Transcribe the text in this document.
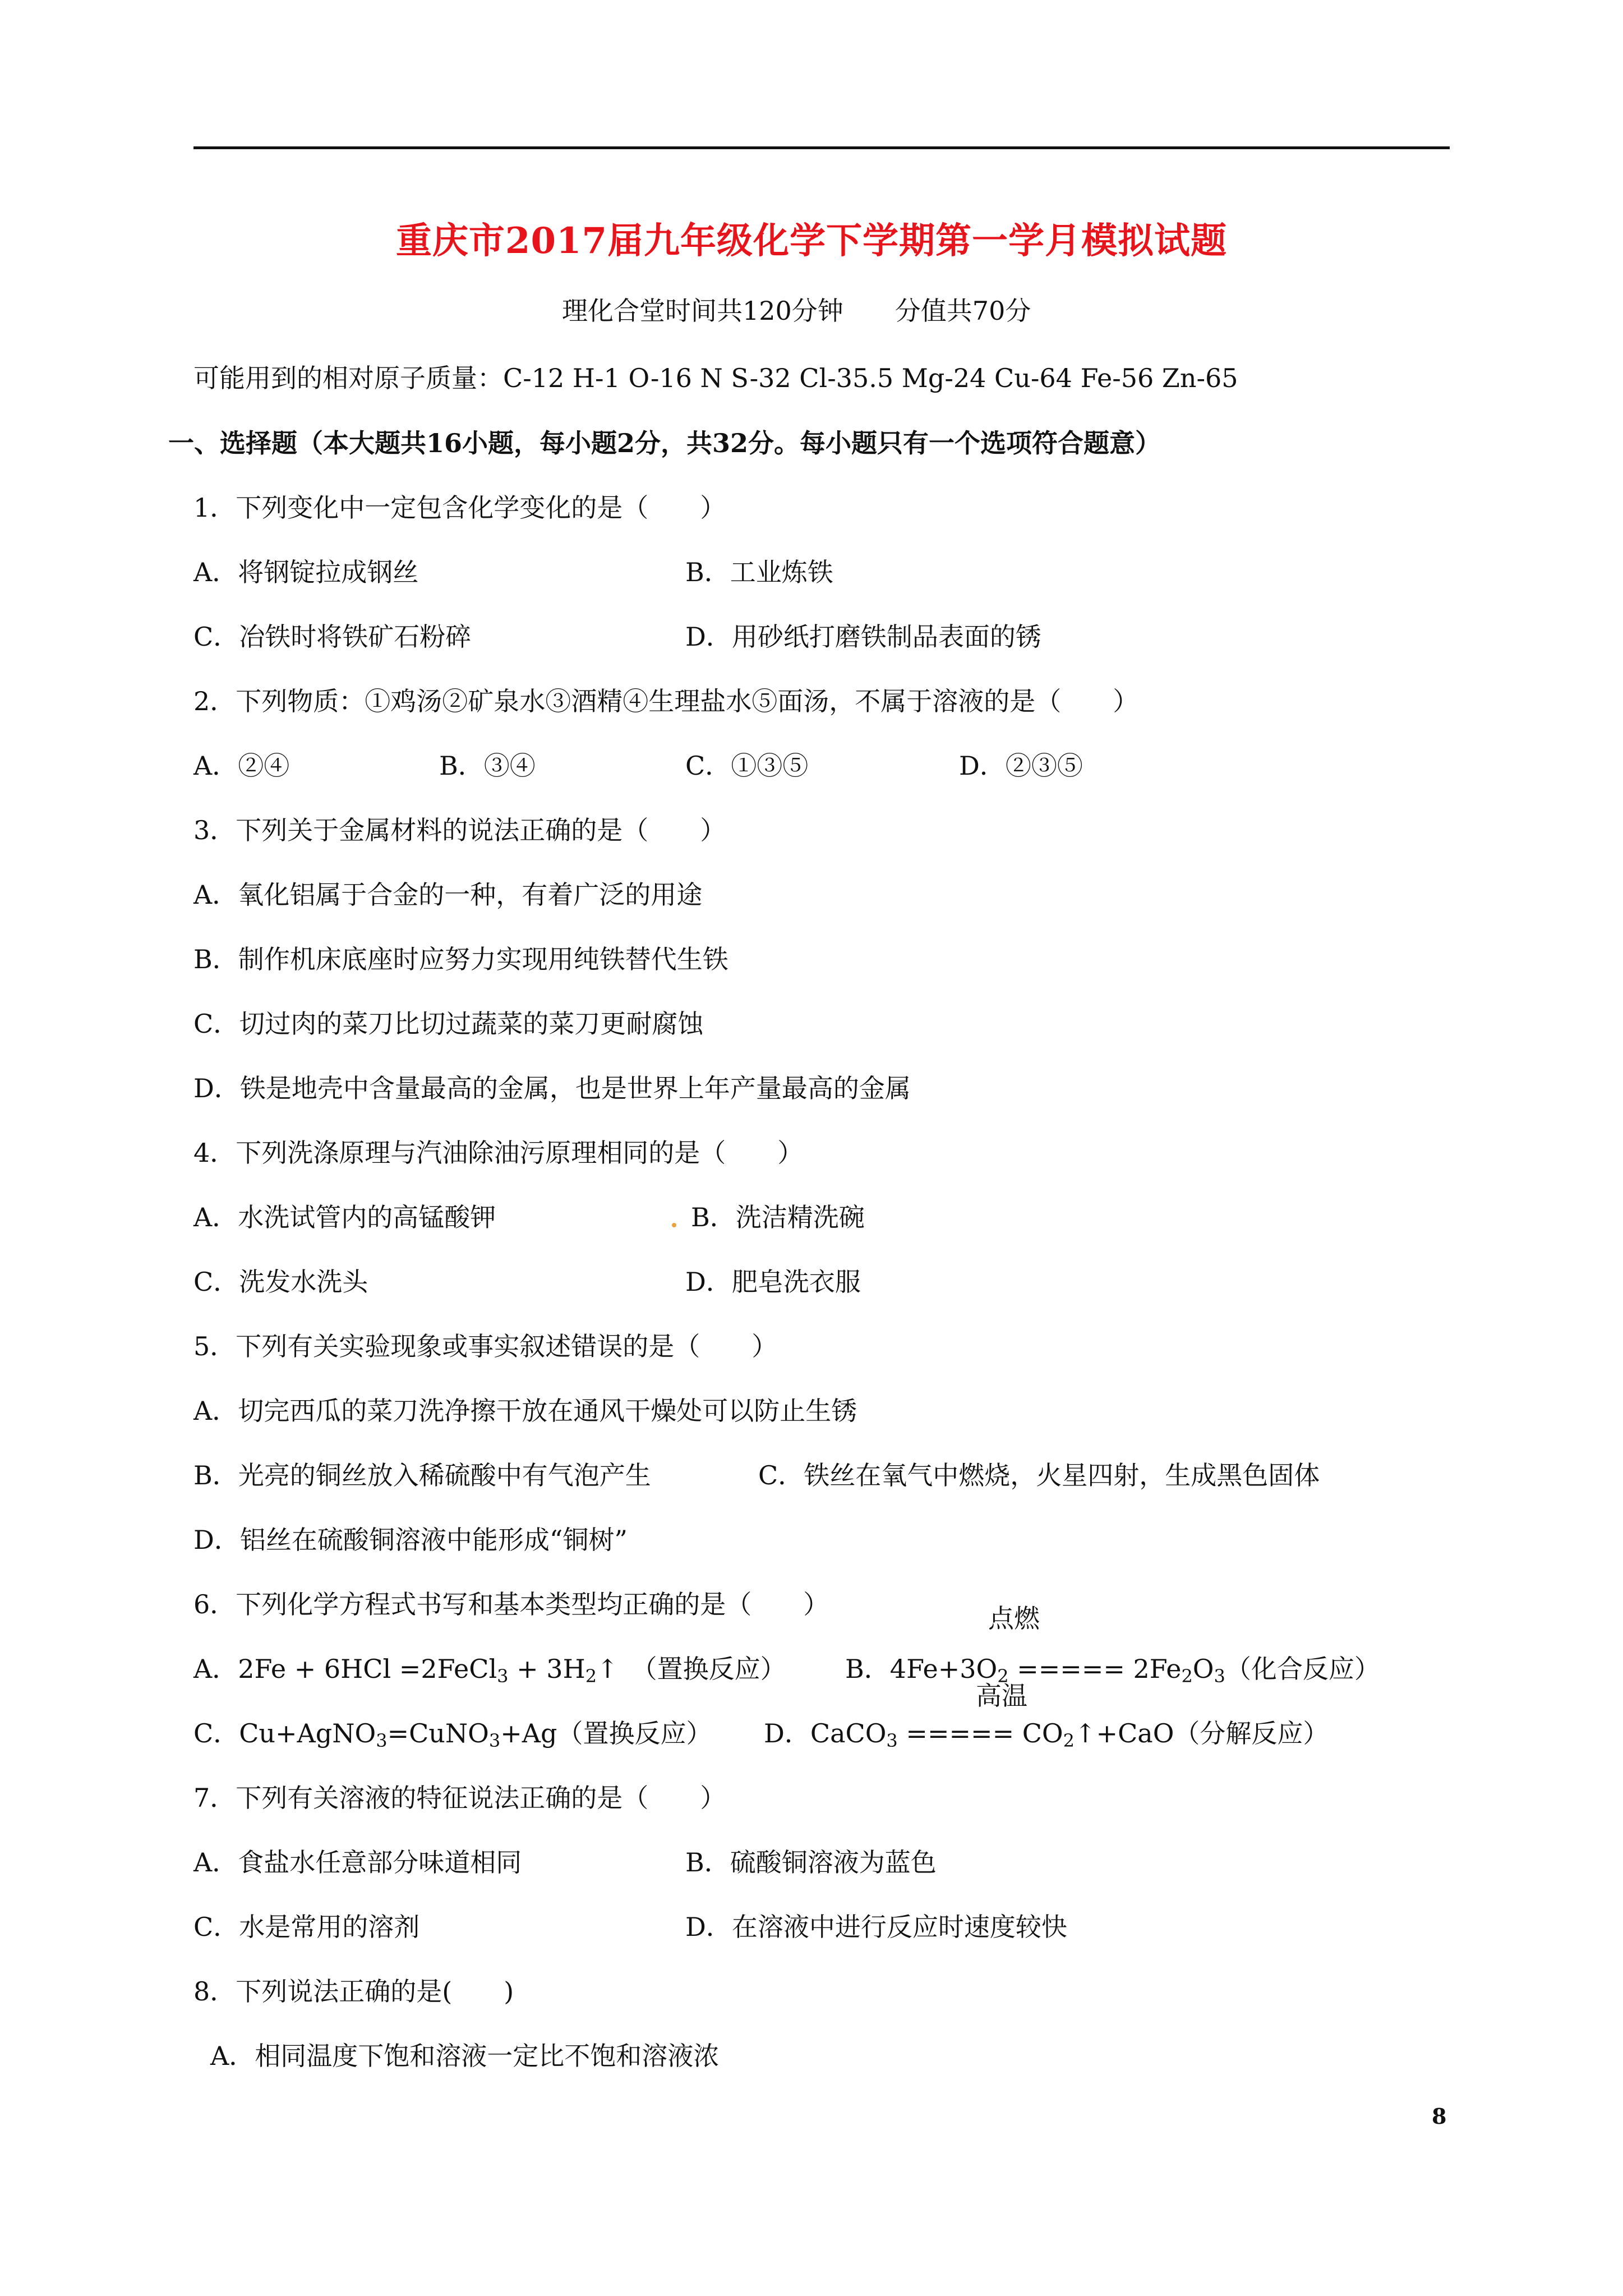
重庆市2017届九年级化学下学期第一学月模拟试题
理化合堂时间共120分钟　　分值共70分
可能用到的相对原子质量：C-12 H-1 O-16 N S-32 Cl-35.5 Mg-24 Cu-64 Fe-56 Zn-65
一、选择题（本大题共16小题，每小题2分，共32分。每小题只有一个选项符合题意）
1．下列变化中一定包含化学变化的是（　　）
A．将钢锭拉成钢丝	B．工业炼铁
C．冶铁时将铁矿石粉碎	D．用砂纸打磨铁制品表面的锈
2．下列物质：①鸡汤②矿泉水③酒精④生理盐水⑤面汤，不属于溶液的是（　　）
A．②④	B．③④	C．①③⑤	D．②③⑤
3．下列关于金属材料的说法正确的是（　　）
A．氧化铝属于合金的一种，有着广泛的用途
B．制作机床底座时应努力实现用纯铁替代生铁
C．切过肉的菜刀比切过蔬菜的菜刀更耐腐蚀
D．铁是地壳中含量最高的金属，也是世界上年产量最高的金属
4．下列洗涤原理与汽油除油污原理相同的是（　　）
A．水洗试管内的高锰酸钾	B．洗洁精洗碗
C．洗发水洗头	D．肥皂洗衣服
5．下列有关实验现象或事实叙述错误的是（　　）
A．切完西瓜的菜刀洗净擦干放在通风干燥处可以防止生锈
B．光亮的铜丝放入稀硫酸中有气泡产生	C．铁丝在氧气中燃烧，火星四射，生成黑色固体
D．铝丝在硫酸铜溶液中能形成“铜树”
6．下列化学方程式书写和基本类型均正确的是（　　）	点燃
A．2Fe + 6HCl =2FeCl$_3$ + $3H_2↑$　（置换反应） B．$4Fe+3O_2$ ===== $2Fe_2O_3$（化合反应）
高温
C．Cu+AgNO$_3$=CuNO$_3$+Ag（置换反应） D．CaCO$_3$ ===== $CO_2↑+CaO$（分解反应）
7．下列有关溶液的特征说法正确的是（　　）
A．食盐水任意部分味道相同	B．硫酸铜溶液为蓝色
C．水是常用的溶剂	D．在溶液中进行反应时速度较快
8．下列说法正确的是(　　)
A．相同温度下饱和溶液一定比不饱和溶液浓
8
